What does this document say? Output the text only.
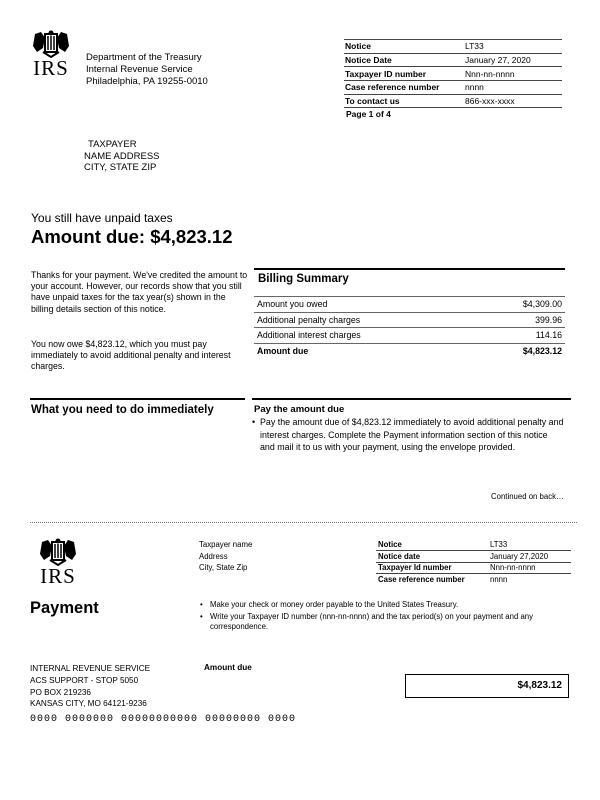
IRS Department of the Treasury
Internal Revenue Service
Philadelphia, PA 19255-0010
Notice	LT33
Notice Date	January 27, 2020
Taxpayer ID number	Nnn-nn-nnnn
Case reference number	nnnn
To contact us	866-xxx-xxxx
Page 1 of 4
TAXPAYER
NAME ADDRESS
CITY, STATE ZIP
You still have unpaid taxes
Amount due: $4,823.12
Thanks for your payment. We've credited the amount to your account. However, our records show that you still have unpaid taxes for the tax year(s) shown in the billing details section of this notice.
You now owe $4,823.12, which you must pay immediately to avoid additional penalty and interest charges.
Billing Summary
Amount you owed	$4,309.00
Additional penalty charges	399.96
Additional interest charges	114.16
Amount due	$4,823.12
What you need to do immediately	Pay the amount due
• Pay the amount due of $4,823.12 immediately to avoid additional penalty and interest charges. Complete the Payment information section of this notice and mail it to us with your payment, using the envelope provided.
Continued on back…
IRS
Taxpayer name
Address
City, State Zip
Notice	LT33
Notice date	January 27,2020
Taxpayer Id number	Nnn-nn-nnnn
Case reference number	nnnn
Payment	• Make your check or money order payable to the United States Treasury.
• Write your Taxpayer ID number (nnn-nn-nnnn) and the tax period(s) on your payment and any correspondence.
INTERNAL REVENUE SERVICE
ACS SUPPORT - STOP 5050
PO BOX 219236
KANSAS CITY, MO 64121-9236
Amount due
$4,823.12
0000 0000000 00000000000 00000000 0000
